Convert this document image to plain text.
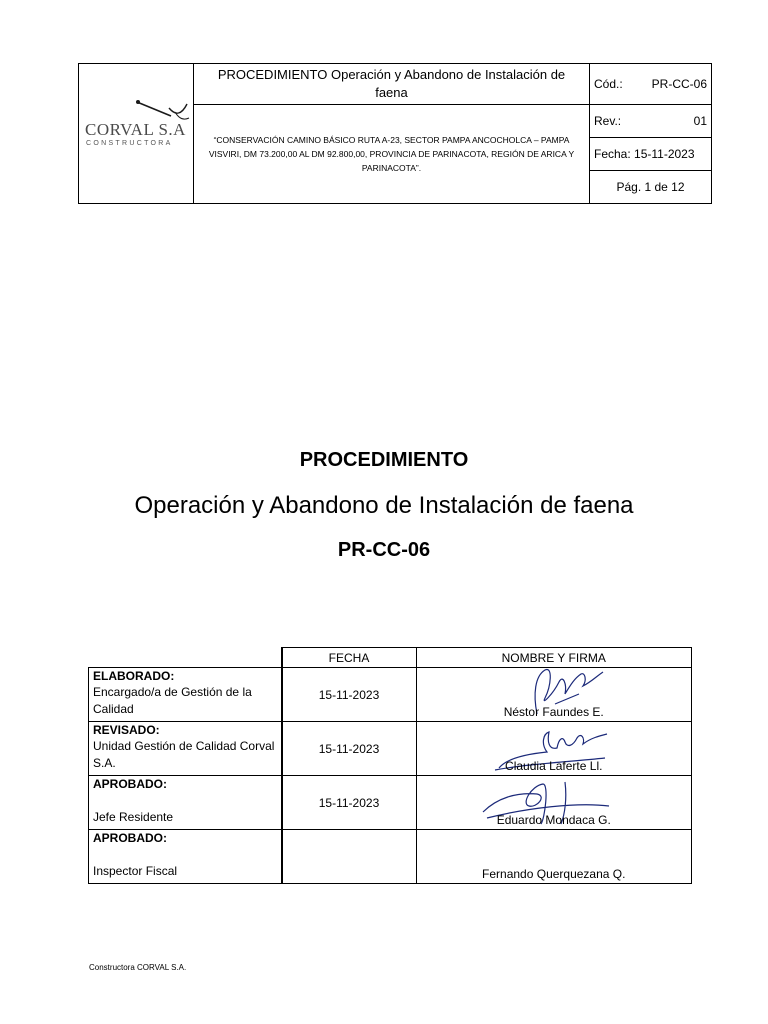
CORVAL S.A
CONSTRUCTORA	PROCEDIMIENTO Operación y Abandono de Instalación de faena	Cód.: PR-CC-06

	“CONSERVACIÓN CAMINO BÁSICO RUTA A-23, SECTOR PAMPA ANCOCHOLCA – PAMPA VISVIRI, DM 73.200,00 AL DM 92.800,00, PROVINCIA DE PARINACOTA, REGIÓN DE ARICA Y PARINACOTA”.	Rev.: 01

		Fecha: 15-11-2023
		Pág. 1 de 12
PROCEDIMIENTO
Operación y Abandono de Instalación de faena
PR-CC-06
	FECHA	NOMBRE Y FIRMA

ELABORADO:
Encargado/a de Gestión de la Calidad	15-11-2023	Néstor Faundes E.

REVISADO:
Unidad Gestión de Calidad Corval S.A.	15-11-2023	Claudia Laferte Ll.

APROBADO:
Jefe Residente	15-11-2023	Eduardo Mondaca G.

APROBADO:
Inspector Fiscal		Fernando Querquezana Q.
Constructora CORVAL S.A.
